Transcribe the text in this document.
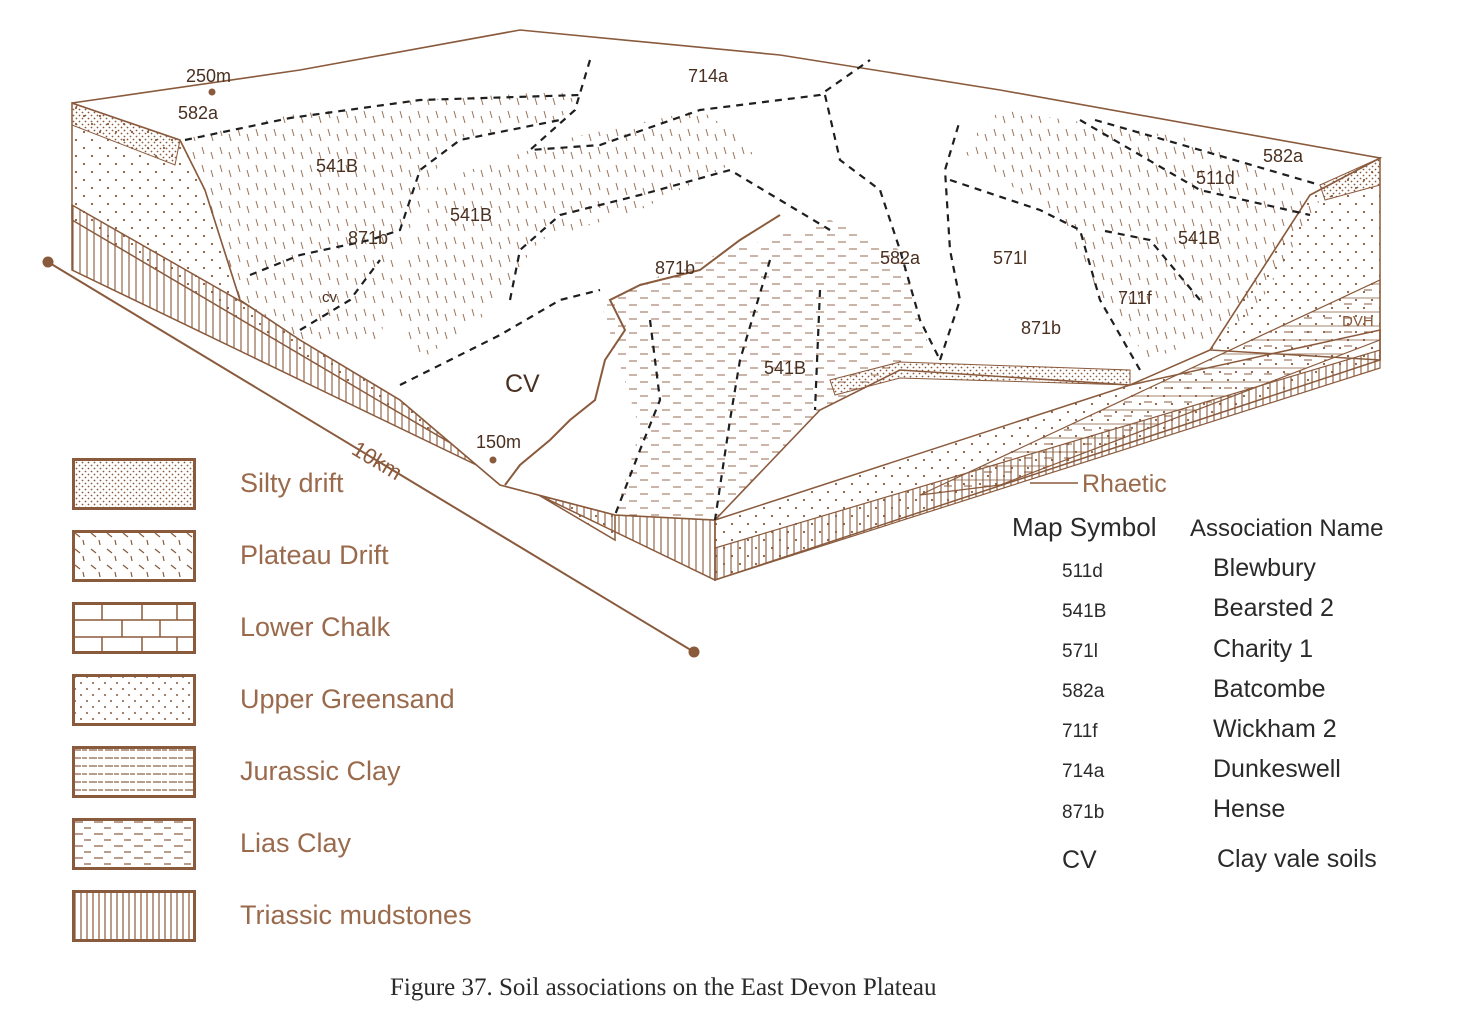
250m
150m
10km	Rhaetic
DVH
cv
CV
582a
714a
582a
511d
541B
541B
541B
541B
871b
871b
871b
582a	571l
711f
Silty drift
Plateau Drift
Lower Chalk
Upper Greensand
Jurassic Clay
Lias Clay
Triassic mudstones
Map Symbol Association Name
511d	Blewbury
541B	Bearsted 2
571l	Charity 1
582a	Batcombe
711f	Wickham 2
714a	Dunkeswell
871b	Hense
CV	Clay vale soils
Figure 37. Soil associations on the East Devon Plateau
